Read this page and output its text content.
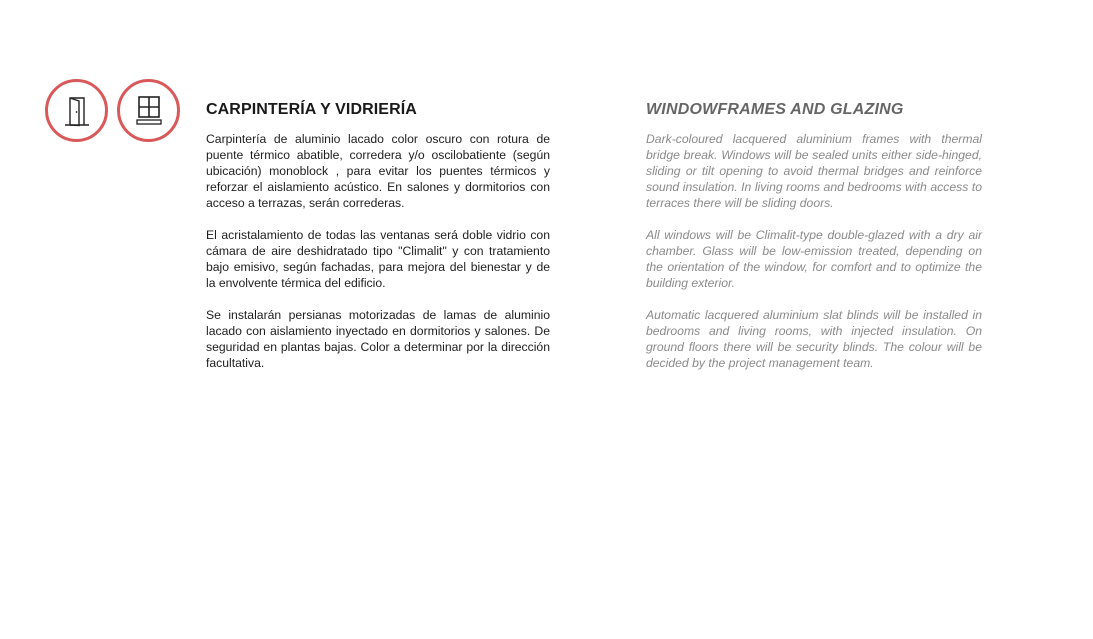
CARPINTERÍA Y VIDRIERÍA

Carpintería de aluminio lacado color oscuro con rotura de puente térmico abatible, corredera y/o oscilobatiente (según ubicación) monoblock , para evitar los puentes térmicos y reforzar el aislamiento acústico. En salones y dormitorios con acceso a terrazas, serán correderas.

El acristalamiento de todas las ventanas será doble vidrio con cámara de aire deshidratado tipo "Climalit" y con tratamiento bajo emisivo, según fachadas, para mejora del bienestar y de la envolvente térmica del edificio.

Se instalarán persianas motorizadas de lamas de aluminio lacado con aislamiento inyectado en dormitorios y salones. De seguridad en plantas bajas. Color a determinar por la dirección facultativa.

WINDOWFRAMES AND GLAZING

Dark-coloured lacquered aluminium frames with thermal bridge break. Windows will be sealed units either side-hinged, sliding or tilt opening to avoid thermal bridges and reinforce sound insulation. In living rooms and bedrooms with access to terraces there will be sliding doors.

All windows will be Climalit-type double-glazed with a dry air chamber. Glass will be low-emission treated, depending on the orientation of the window, for comfort and to optimize the building exterior.

Automatic lacquered aluminium slat blinds will be installed in bedrooms and living rooms, with injected insulation. On ground floors there will be security blinds. The colour will be decided by the project management team.
